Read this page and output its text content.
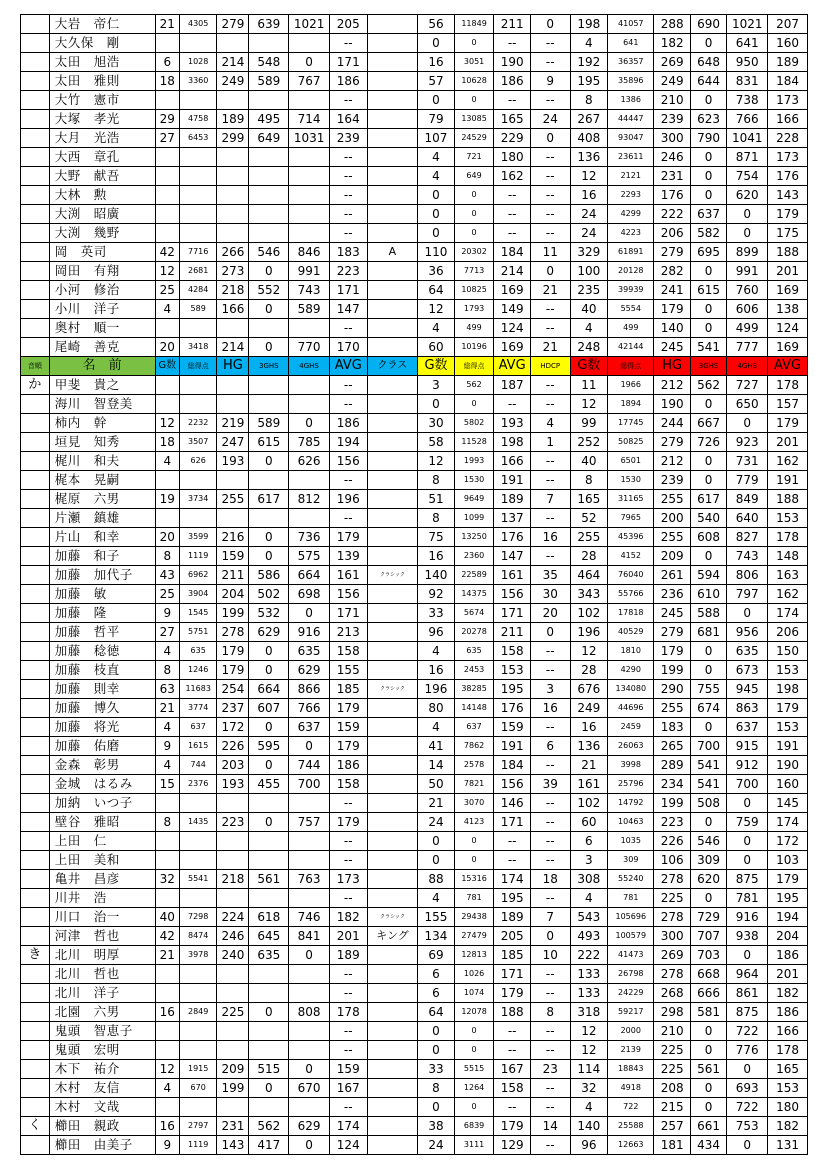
	大岩　帝仁	21	4305	279	639	1021	205		56	11849	211	0	198	41057	288	690	1021	207
	大久保　剛						--		0	0	--	--	4	641	182	0	641	160
	太田　旭浩	6	1028	214	548	0	171		16	3051	190	--	192	36357	269	648	950	189
	太田　雅則	18	3360	249	589	767	186		57	10628	186	9	195	35896	249	644	831	184
	大竹　憲市						--		0	0	--	--	8	1386	210	0	738	173
	大塚　孝光	29	4758	189	495	714	164		79	13085	165	24	267	44447	239	623	766	166
	大月　光浩	27	6453	299	649	1031	239		107	24529	229	0	408	93047	300	790	1041	228
	大西　章孔						--		4	721	180	--	136	23611	246	0	871	173
	大野　献吾						--		4	649	162	--	12	2121	231	0	754	176
	大林　勲						--		0	0	--	--	16	2293	176	0	620	143
	大渕　昭廣						--		0	0	--	--	24	4299	222	637	0	179
	大渕　幾野						--		0	0	--	--	24	4223	206	582	0	175
	岡　英司	42	7716	266	546	846	183	A	110	20302	184	11	329	61891	279	695	899	188
	岡田　有翔	12	2681	273	0	991	223		36	7713	214	0	100	20128	282	0	991	201
	小河　修治	25	4284	218	552	743	171		64	10825	169	21	235	39939	241	615	760	169
	小川　洋子	4	589	166	0	589	147		12	1793	149	--	40	5554	179	0	606	138
	奥村　順一						--		4	499	124	--	4	499	140	0	499	124
	尾崎　善克	20	3418	214	0	770	170		60	10196	169	21	248	42144	245	541	777	169
音順	名　前	G数	総得点	HG	3GHS	4GHS	AVG	クラス	G数	総得点	AVG	HDCP	G数	総得点	HG	3GHS	4GHS	AVG
か	甲斐　貴之						--		3	562	187	--	11	1966	212	562	727	178
	海川　智登美						--		0	0	--	--	12	1894	190	0	650	157
	柿内　幹	12	2232	219	589	0	186		30	5802	193	4	99	17745	244	667	0	179
	垣見　知秀	18	3507	247	615	785	194		58	11528	198	1	252	50825	279	726	923	201
	梶川　和夫	4	626	193	0	626	156		12	1993	166	--	40	6501	212	0	731	162
	梶本　晃嗣						--		8	1530	191	--	8	1530	239	0	779	191
	梶原　六男	19	3734	255	617	812	196		51	9649	189	7	165	31165	255	617	849	188
	片瀬　鎮雄						--		8	1099	137	--	52	7965	200	540	640	153
	片山　和幸	20	3599	216	0	736	179		75	13250	176	16	255	45396	255	608	827	178
	加藤　和子	8	1119	159	0	575	139		16	2360	147	--	28	4152	209	0	743	148
	加藤　加代子	43	6962	211	586	664	161	クラシック	140	22589	161	35	464	76040	261	594	806	163
	加藤　敏	25	3904	204	502	698	156		92	14375	156	30	343	55766	236	610	797	162
	加藤　隆	9	1545	199	532	0	171		33	5674	171	20	102	17818	245	588	0	174
	加藤　哲平	27	5751	278	629	916	213		96	20278	211	0	196	40529	279	681	956	206
	加藤　稔徳	4	635	179	0	635	158		4	635	158	--	12	1810	179	0	635	150
	加藤　枝直	8	1246	179	0	629	155		16	2453	153	--	28	4290	199	0	673	153
	加藤　則幸	63	11683	254	664	866	185	クラシック	196	38285	195	3	676	134080	290	755	945	198
	加藤　博久	21	3774	237	607	766	179		80	14148	176	16	249	44696	255	674	863	179
	加藤　将光	4	637	172	0	637	159		4	637	159	--	16	2459	183	0	637	153
	加藤　佑磨	9	1615	226	595	0	179		41	7862	191	6	136	26063	265	700	915	191
	金森　彰男	4	744	203	0	744	186		14	2578	184	--	21	3998	289	541	912	190
	金城　はるみ	15	2376	193	455	700	158		50	7821	156	39	161	25796	234	541	700	160
	加納　いつ子						--		21	3070	146	--	102	14792	199	508	0	145
	壁谷　雅昭	8	1435	223	0	757	179		24	4123	171	--	60	10463	223	0	759	174
	上田　仁						--		0	0	--	--	6	1035	226	546	0	172
	上田　美和						--		0	0	--	--	3	309	106	309	0	103
	亀井　昌彦	32	5541	218	561	763	173		88	15316	174	18	308	55240	278	620	875	179
	川井　浩						--		4	781	195	--	4	781	225	0	781	195
	川口　治一	40	7298	224	618	746	182	クラシック	155	29438	189	7	543	105696	278	729	916	194
	河津　哲也	42	8474	246	645	841	201	キング	134	27479	205	0	493	100579	300	707	938	204
き	北川　明厚	21	3978	240	635	0	189		69	12813	185	10	222	41473	269	703	0	186
	北川　哲也						--		6	1026	171	--	133	26798	278	668	964	201
	北川　洋子						--		6	1074	179	--	133	24229	268	666	861	182
	北園　六男	16	2849	225	0	808	178		64	12078	188	8	318	59217	298	581	875	186
	鬼頭　智恵子						--		0	0	--	--	12	2000	210	0	722	166
	鬼頭　宏明						--		0	0	--	--	12	2139	225	0	776	178
	木下　祐介	12	1915	209	515	0	159		33	5515	167	23	114	18843	225	561	0	165
	木村　友信	4	670	199	0	670	167		8	1264	158	--	32	4918	208	0	693	153
	木村　文哉						--		0	0	--	--	4	722	215	0	722	180
く	櫛田　親政	16	2797	231	562	629	174		38	6839	179	14	140	25588	257	661	753	182
	櫛田　由美子	9	1119	143	417	0	124		24	3111	129	--	96	12663	181	434	0	131
